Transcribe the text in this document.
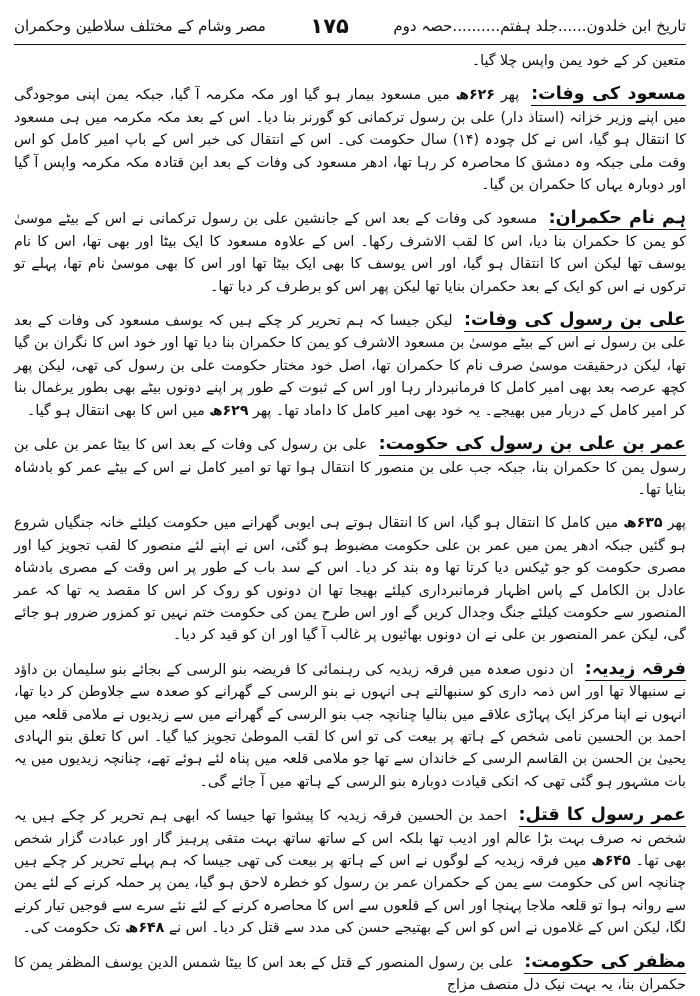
تاریخ ابن خلدون......جلد ہفتم..........حصہ دوم
۱۷۵
مصر وشام کے مختلف سلاطین وحکمران

متعین کر کے خود یمن واپس چلا گیا۔

مسعود کی وفات: پھر ۶۲۶ھ میں مسعود بیمار ہو گیا اور مکہ مکرمہ آ گیا، جبکہ یمن اپنی موجودگی میں اپنے وزیر خزانہ (استاذ دار) علی بن رسول ترکمانی کو گورنر بنا دیا۔ اس کے بعد مکہ مکرمہ میں ہی مسعود کا انتقال ہو گیا، اس نے کل چودہ (۱۴) سال حکومت کی۔ اس کے انتقال کی خبر اس کے باپ امیر کامل کو اس وقت ملی جبکہ وہ دمشق کا محاصرہ کر رہا تھا، ادھر مسعود کی وفات کے بعد ابن قتادہ مکہ مکرمہ واپس آ گیا اور دوبارہ یہاں کا حکمران بن گیا۔

ہم نام حکمران: مسعود کی وفات کے بعد اس کے جانشین علی بن رسول ترکمانی نے اس کے بیٹے موسیٰ کو یمن کا حکمران بنا دیا، اس کا لقب الاشرف رکھا۔ اس کے علاوہ مسعود کا ایک بیٹا اور بھی تھا، اس کا نام یوسف تھا لیکن اس کا انتقال ہو گیا، اور اس یوسف کا بھی ایک بیٹا تھا اور اس کا بھی موسیٰ نام تھا، پہلے تو ترکوں نے اس کو ایک کے بعد حکمران بنایا تھا لیکن پھر اس کو برطرف کر دیا تھا۔

علی بن رسول کی وفات: لیکن جیسا کہ ہم تحریر کر چکے ہیں کہ یوسف مسعود کی وفات کے بعد علی بن رسول نے اس کے بیٹے موسیٰ بن مسعود الاشرف کو یمن کا حکمران بنا دیا تھا اور خود اس کا نگران بن گیا تھا، لیکن درحقیقت موسیٰ صرف نام کا حکمران تھا، اصل خود مختار حکومت علی بن رسول کی تھی، لیکن پھر کچھ عرصہ بعد بھی امیر کامل کا فرمانبردار رہا اور اس کے ثبوت کے طور پر اپنے دونوں بیٹے بھی بطور یرغمال بنا کر امیر کامل کے دربار میں بھیجے۔ یہ خود بھی امیر کامل کا داماد تھا۔ پھر ۶۲۹ھ میں اس کا بھی انتقال ہو گیا۔

عمر بن علی بن رسول کی حکومت: علی بن رسول کی وفات کے بعد اس کا بیٹا عمر بن علی بن رسول یمن کا حکمران بنا، جبکہ جب علی بن منصور کا انتقال ہوا تھا تو امیر کامل نے اس کے بیٹے عمر کو بادشاہ بنایا تھا۔

پھر ۶۳۵ھ میں کامل کا انتقال ہو گیا، اس کا انتقال ہوتے ہی ایوبی گھرانے میں حکومت کیلئے خانہ جنگیاں شروع ہو گئیں جبکہ ادھر یمن میں عمر بن علی حکومت مضبوط ہو گئی، اس نے اپنے لئے منصور کا لقب تجویز کیا اور مصری حکومت کو جو ٹیکس دیا کرتا تھا وہ بند کر دیا۔ اس کے سد باب کے طور پر اس وقت کے مصری بادشاہ عادل بن الکامل کے پاس اظہار فرمانبرداری کیلئے بھیجا تھا ان دونوں کو روک کر اس کا مقصد یہ تھا کہ عمر المنصور سے حکومت کیلئے جنگ وجدال کریں گے اور اس طرح یمن کی حکومت ختم نہیں تو کمزور ضرور ہو جائے گی، لیکن عمر المنصور بن علی نے ان دونوں بھائیوں پر غالب آ گیا اور ان کو قید کر دیا۔

فرقہ زیدیہ: ان دنوں صعدہ میں فرقہ زیدیہ کی رہنمائی کا فریضہ بنو الرسی کے بجائے بنو سلیمان بن داؤد نے سنبھالا تھا اور اس ذمہ داری کو سنبھالتے ہی انہوں نے بنو الرسی کے گھرانے کو صعدہ سے جلاوطن کر دیا تھا، انہوں نے اپنا مرکز ایک پہاڑی علاقے میں بنالیا چنانچہ جب بنو الرسی کے گھرانے میں سے زیدیوں نے ملامی قلعہ میں احمد بن الحسین نامی شخص کے ہاتھ پر بیعت کی تو اس کا لقب الموطیٰ تجویز کیا گیا۔ اس کا تعلق بنو الہادی یحییٰ بن الحسن بن القاسم الرسی کے خاندان سے تھا جو ملامی قلعہ میں پناہ لئے ہوئے تھے، چنانچہ زیدیوں میں یہ بات مشہور ہو گئی تھی کہ انکی قیادت دوبارہ بنو الرسی کے ہاتھ میں آ جائے گی۔

عمر رسول کا قتل: احمد بن الحسین فرقہ زیدیہ کا پیشوا تھا جیسا کہ ابھی ہم تحریر کر چکے ہیں یہ شخص نہ صرف بہت بڑا عالم اور ادیب تھا بلکہ اس کے ساتھ ساتھ بہت متقی پرہیز گار اور عبادت گزار شخص بھی تھا۔ ۶۴۵ھ میں فرقہ زیدیہ کے لوگوں نے اس کے ہاتھ پر بیعت کی تھی جیسا کہ ہم پہلے تحریر کر چکے ہیں چنانچہ اس کی حکومت سے یمن کے حکمران عمر بن رسول کو خطرہ لاحق ہو گیا، یمن پر حملہ کرنے کے لئے یمن سے روانہ ہوا تو قلعہ ملاجا پہنچا اور اس کے قلعوں سے اس کا محاصرہ کرنے کے لئے نئے سرے سے فوجیں تیار کرنے لگا، لیکن اس کے غلاموں نے اس کو اس کے بھتیجے حسن کی مدد سے قتل کر دیا۔ اس نے ۶۴۸ھ تک حکومت کی۔

مظفر کی حکومت: علی بن رسول المنصور کے قتل کے بعد اس کا بیٹا شمس الدین یوسف المظفر یمن کا حکمران بنا، یہ بہت نیک دل منصف مزاج
